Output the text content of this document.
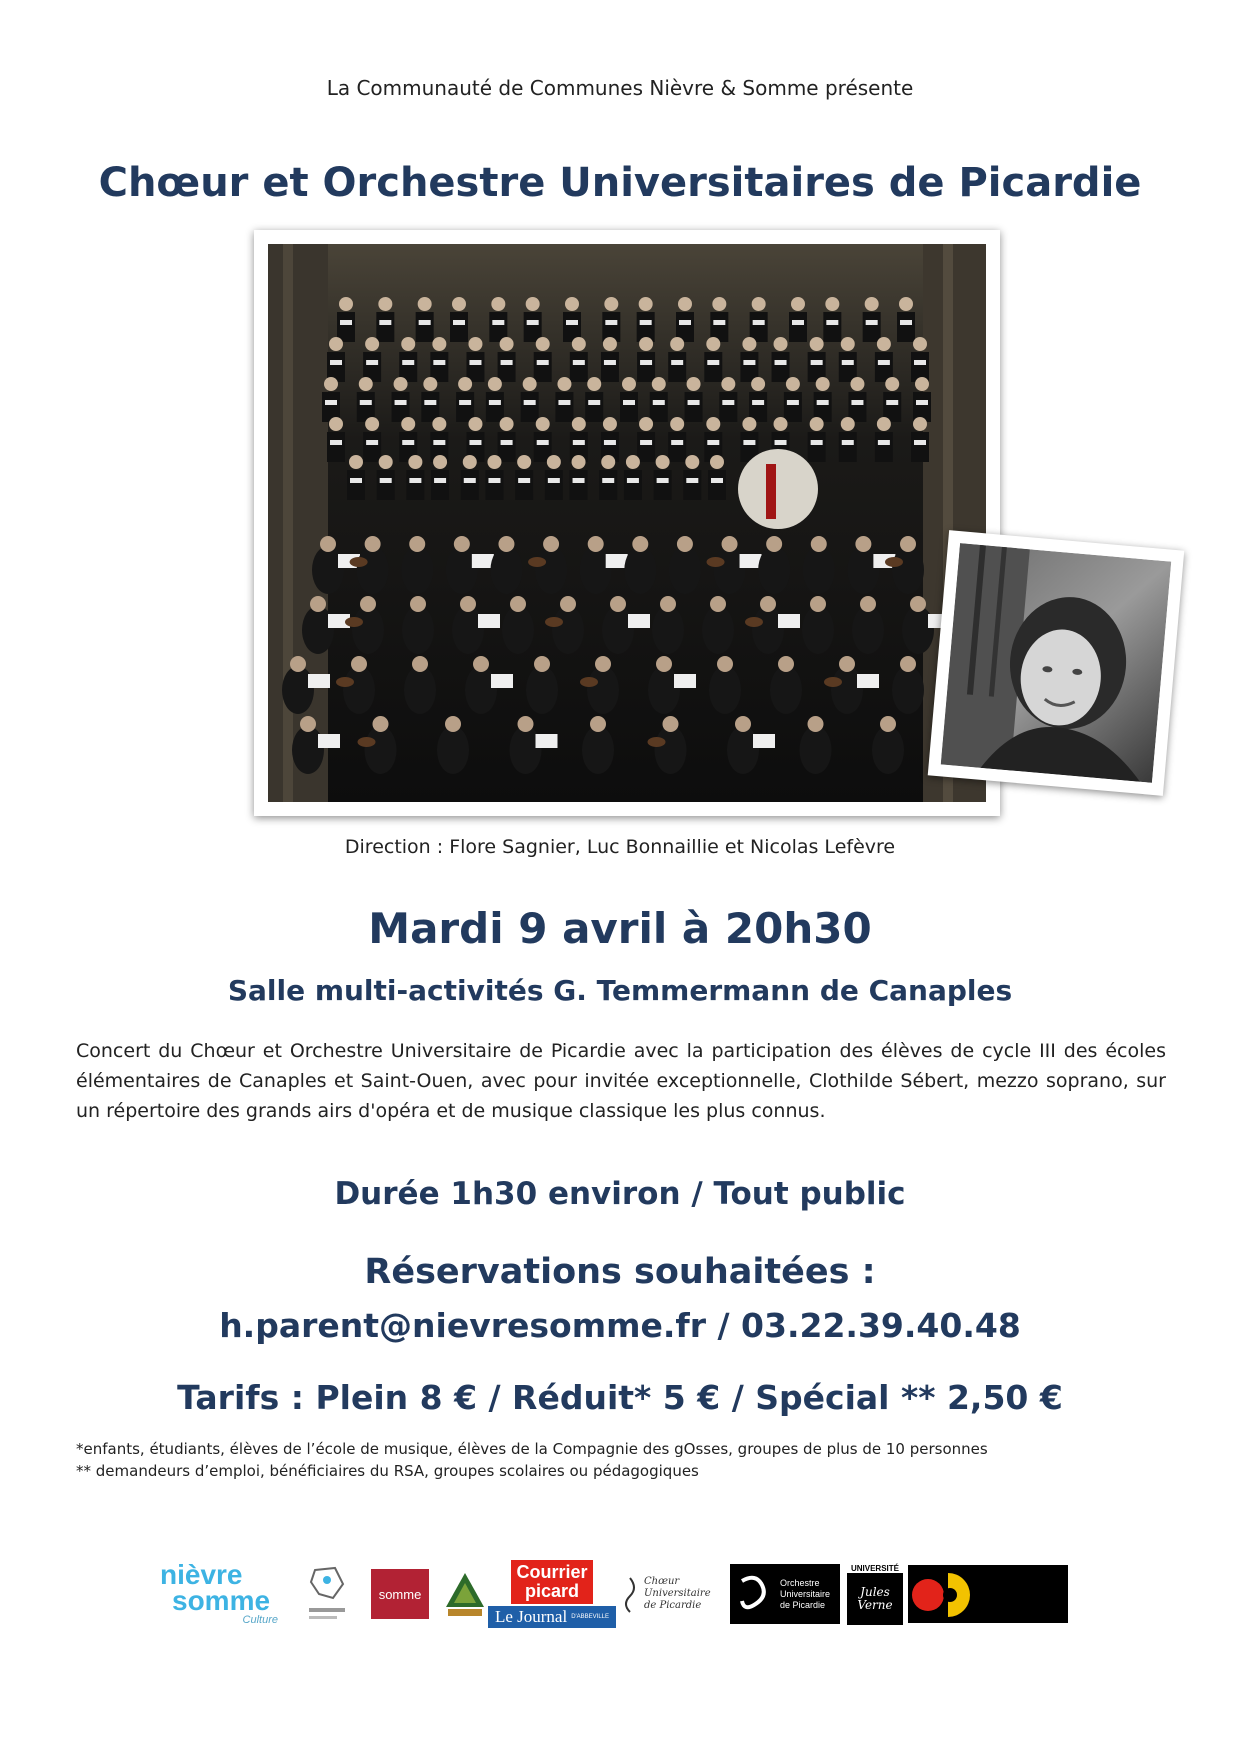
La Communauté de Communes Nièvre & Somme présente
Chœur et Orchestre Universitaires de Picardie
Direction : Flore Sagnier, Luc Bonnaillie et Nicolas Lefèvre
Mardi 9 avril à 20h30
Salle multi-activités G. Temmermann de Canaples
Concert du Chœur et Orchestre Universitaire de Picardie avec la participation des élèves de cycle III des écoles élémentaires de Canaples et Saint-Ouen, avec pour invitée exceptionnelle, Clothilde Sébert, mezzo soprano, sur un répertoire des grands airs d'opéra et de musique classique les plus connus.
Durée 1h30 environ / Tout public
Réservations souhaitées :
h.parent@nievresomme.fr / 03.22.39.40.48
Tarifs : Plein 8 € / Réduit* 5 € / Spécial ** 2,50 €
*enfants, étudiants, élèves de l’école de musique, élèves de la Compagnie des gOsses, groupes de plus de 10 personnes
** demandeurs d’emploi, bénéficiaires du RSA, groupes scolaires ou pédagogiques
nièvre
somme
Culture
somme
Courrier
picard
Le Journal D'ABBEVILLE
Chœur Universitaire de Picardie
Orchestre Universitaire de Picardie
UNIVERSITÉ
Jules Verne
